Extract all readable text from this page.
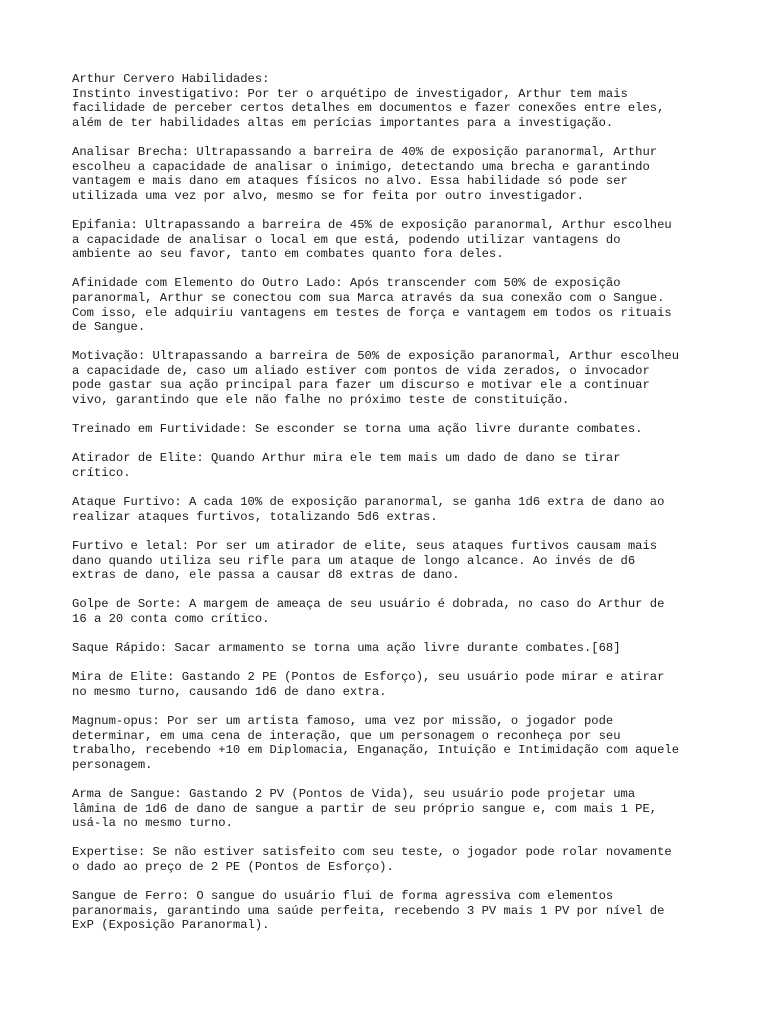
Arthur Cervero Habilidades:
Instinto investigativo: Por ter o arquétipo de investigador, Arthur tem mais
facilidade de perceber certos detalhes em documentos e fazer conexões entre eles,
além de ter habilidades altas em perícias importantes para a investigação.
Analisar Brecha: Ultrapassando a barreira de 40% de exposição paranormal, Arthur
escolheu a capacidade de analisar o inimigo, detectando uma brecha e garantindo
vantagem e mais dano em ataques físicos no alvo. Essa habilidade só pode ser
utilizada uma vez por alvo, mesmo se for feita por outro investigador.
Epifania: Ultrapassando a barreira de 45% de exposição paranormal, Arthur escolheu
a capacidade de analisar o local em que está, podendo utilizar vantagens do
ambiente ao seu favor, tanto em combates quanto fora deles.
Afinidade com Elemento do Outro Lado: Após transcender com 50% de exposição
paranormal, Arthur se conectou com sua Marca através da sua conexão com o Sangue.
Com isso, ele adquiriu vantagens em testes de força e vantagem em todos os rituais
de Sangue.
Motivação: Ultrapassando a barreira de 50% de exposição paranormal, Arthur escolheu
a capacidade de, caso um aliado estiver com pontos de vida zerados, o invocador
pode gastar sua ação principal para fazer um discurso e motivar ele a continuar
vivo, garantindo que ele não falhe no próximo teste de constituição.
Treinado em Furtividade: Se esconder se torna uma ação livre durante combates.
Atirador de Elite: Quando Arthur mira ele tem mais um dado de dano se tirar
crítico.
Ataque Furtivo: A cada 10% de exposição paranormal, se ganha 1d6 extra de dano ao
realizar ataques furtivos, totalizando 5d6 extras.
Furtivo e letal: Por ser um atirador de elite, seus ataques furtivos causam mais
dano quando utiliza seu rifle para um ataque de longo alcance. Ao invés de d6
extras de dano, ele passa a causar d8 extras de dano.
Golpe de Sorte: A margem de ameaça de seu usuário é dobrada, no caso do Arthur de
16 a 20 conta como crítico.
Saque Rápido: Sacar armamento se torna uma ação livre durante combates.[68]
Mira de Elite: Gastando 2 PE (Pontos de Esforço), seu usuário pode mirar e atirar
no mesmo turno, causando 1d6 de dano extra.
Magnum-opus: Por ser um artista famoso, uma vez por missão, o jogador pode
determinar, em uma cena de interação, que um personagem o reconheça por seu
trabalho, recebendo +10 em Diplomacia, Enganação, Intuição e Intimidação com aquele
personagem.
Arma de Sangue: Gastando 2 PV (Pontos de Vida), seu usuário pode projetar uma
lâmina de 1d6 de dano de sangue a partir de seu próprio sangue e, com mais 1 PE,
usá-la no mesmo turno.
Expertise: Se não estiver satisfeito com seu teste, o jogador pode rolar novamente
o dado ao preço de 2 PE (Pontos de Esforço).
Sangue de Ferro: O sangue do usuário flui de forma agressiva com elementos
paranormais, garantindo uma saúde perfeita, recebendo 3 PV mais 1 PV por nível de
ExP (Exposição Paranormal).
